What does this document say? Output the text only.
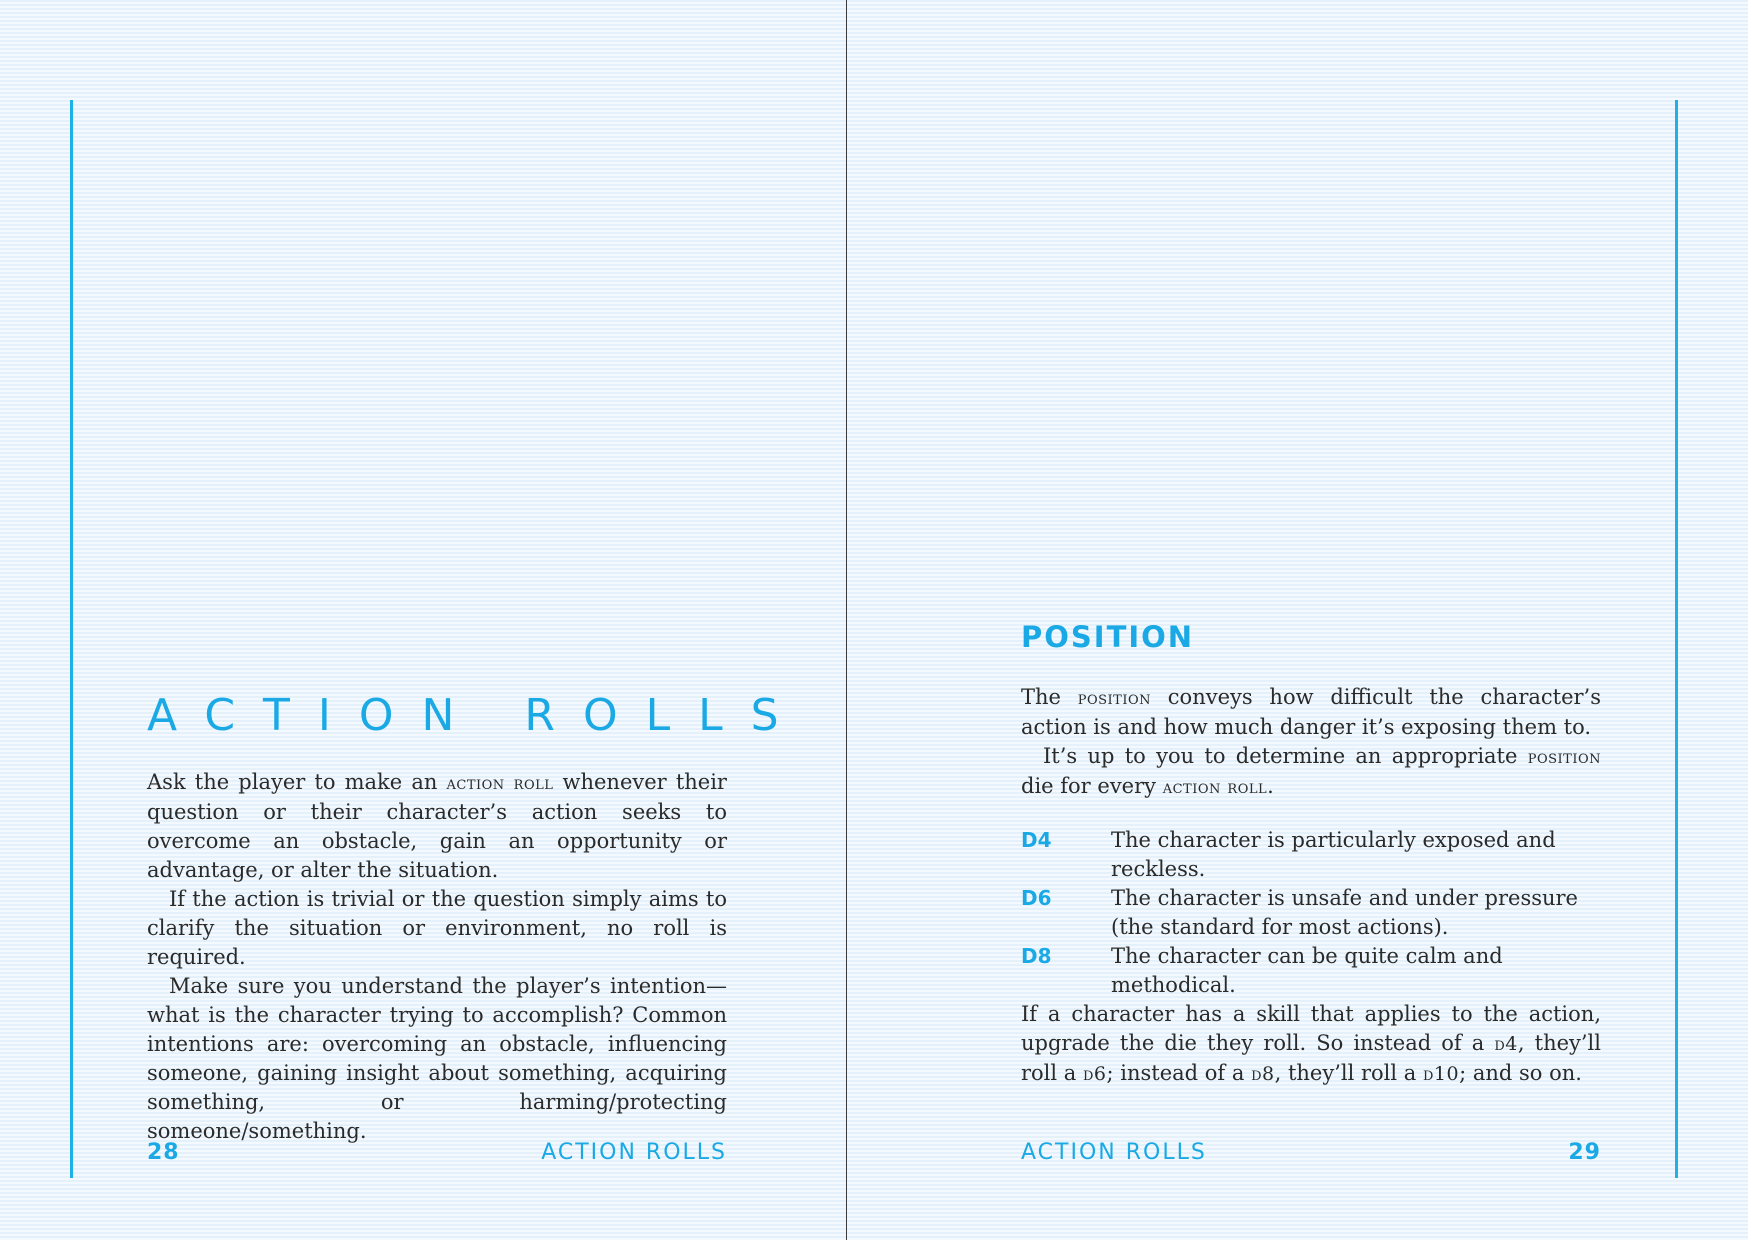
ACTION ROLLS

Ask the player to make an action roll whenever their question or their character’s action seeks to overcome an obstacle, gain an opportunity or advantage, or alter the situation.

If the action is trivial or the question simply aims to clarify the situation or environment, no roll is required.

Make sure you understand the player’s intention—what is the character trying to accomplish? Common intentions are: overcoming an obstacle, influencing someone, gaining insight about something, acquiring something, or harming/protecting someone/something.

28	ACTION ROLLS
POSITION

The position conveys how difficult the character’s action is and how much danger it’s exposing them to.

It’s up to you to determine an appropriate position die for every action roll.

D4	The character is particularly exposed and reckless.
D6	The character is unsafe and under pressure (the standard for most actions).
D8	The character can be quite calm and methodical.

If a character has a skill that applies to the action, upgrade the die they roll. So instead of a d4, they’ll roll a d6; instead of a d8, they’ll roll a d10; and so on.

ACTION ROLLS	29
